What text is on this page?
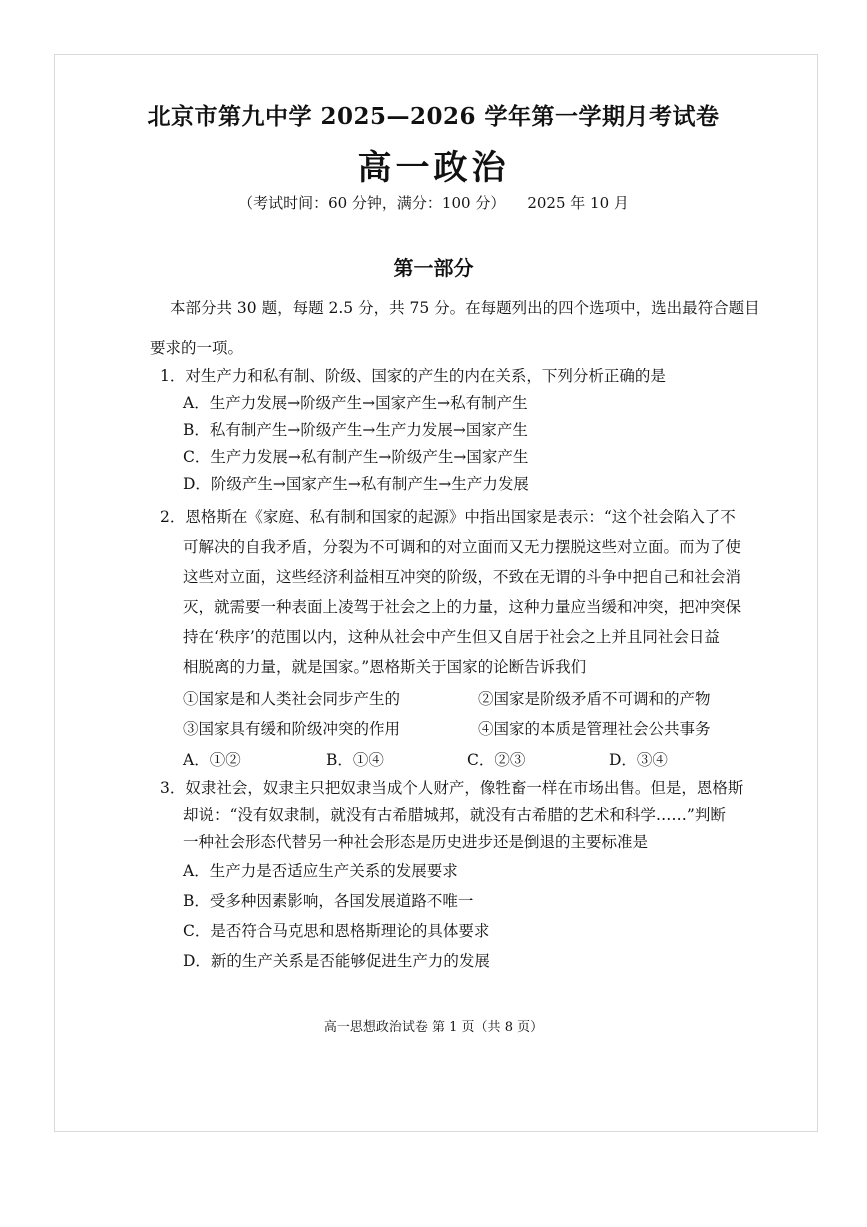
北京市第九中学 2025—2026 学年第一学期月考试卷
高一政治
（考试时间：60 分钟，满分：100 分） 2025 年 10 月
第一部分
本部分共 30 题，每题 2.5 分，共 75 分。在每题列出的四个选项中，选出最符合题目
要求的一项。
1．对生产力和私有制、阶级、国家的产生的内在关系，下列分析正确的是
A．生产力发展→阶级产生→国家产生→私有制产生
B．私有制产生→阶级产生→生产力发展→国家产生
C．生产力发展→私有制产生→阶级产生→国家产生
D．阶级产生→国家产生→私有制产生→生产力发展
2．恩格斯在《家庭、私有制和国家的起源》中指出国家是表示：“这个社会陷入了不
可解决的自我矛盾，分裂为不可调和的对立面而又无力摆脱这些对立面。而为了使
这些对立面，这些经济利益相互冲突的阶级，不致在无谓的斗争中把自己和社会消
灭，就需要一种表面上凌驾于社会之上的力量，这种力量应当缓和冲突，把冲突保
持在‘秩序’的范围以内，这种从社会中产生但又自居于社会之上并且同社会日益
相脱离的力量，就是国家。”恩格斯关于国家的论断告诉我们
①国家是和人类社会同步产生的	②国家是阶级矛盾不可调和的产物
③国家具有缓和阶级冲突的作用	④国家的本质是管理社会公共事务
A．①②	B．①④	C．②③	D．③④
3．奴隶社会，奴隶主只把奴隶当成个人财产，像牲畜一样在市场出售。但是，恩格斯
却说：“没有奴隶制，就没有古希腊城邦，就没有古希腊的艺术和科学……”判断
一种社会形态代替另一种社会形态是历史进步还是倒退的主要标准是
A．生产力是否适应生产关系的发展要求
B．受多种因素影响，各国发展道路不唯一
C．是否符合马克思和恩格斯理论的具体要求
D．新的生产关系是否能够促进生产力的发展
高一思想政治试卷 第 1 页（共 8 页）
